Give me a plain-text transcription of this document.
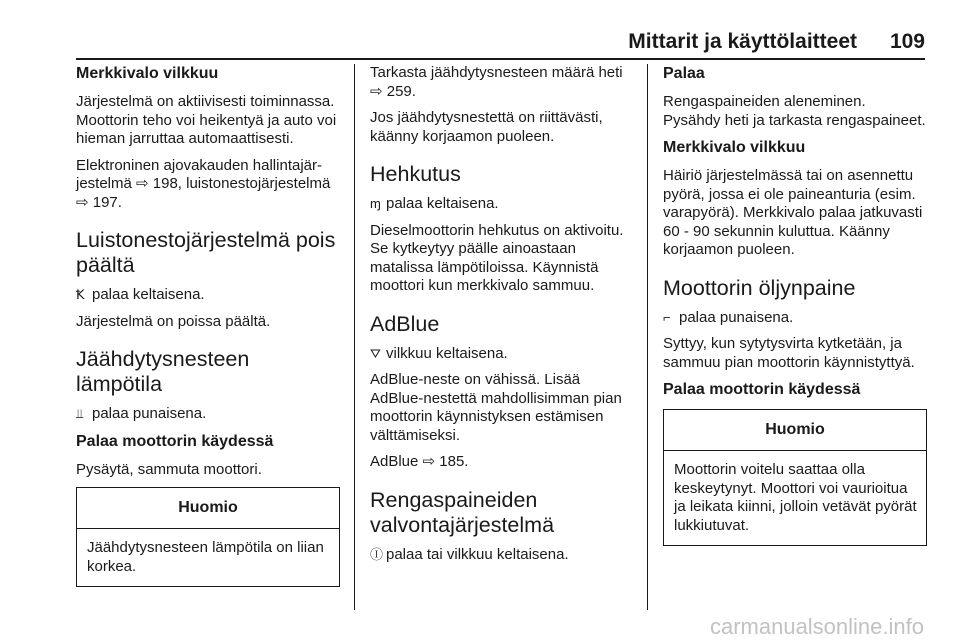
Mittarit ja käyttölaitteet 109
Merkkivalo vilkkuu

Järjestelmä on aktiivisesti toiminnassa. Moottorin teho voi heikentyä ja auto voi hieman jarruttaa automaattisesti.

Elektroninen ajovakauden hallintajärjestelmä ⇨ 198, luistonestojärjestelmä ⇨ 197.

Luistonestojärjestelmä pois päältä

Ꝁ palaa keltaisena.

Järjestelmä on poissa päältä.

Jäähdytysnesteen lämpötila

⫫ palaa punaisena.

Palaa moottorin käydessä

Pysäytä, sammuta moottori.

Huomio
Jäähdytysnesteen lämpötila on liian korkea.

Tarkasta jäähdytysnesteen määrä heti ⇨ 259.

Jos jäähdytysnestettä on riittävästi, käänny korjaamon puoleen.

Hehkutus

ɱ palaa keltaisena.

Dieselmoottorin hehkutus on aktivoitu. Se kytkeytyy päälle ainoastaan matalissa lämpötiloissa. Käynnistä moottori kun merkkivalo sammuu.

AdBlue

⛛ vilkkuu keltaisena.

AdBlue-neste on vähissä. Lisää AdBlue-nestettä mahdollisimman pian moottorin käynnistyksen estämisen välttämiseksi.

AdBlue ⇨ 185.

Rengaspaineiden valvontajärjestelmä

Ⓘ palaa tai vilkkuu keltaisena.

Palaa

Rengaspaineiden aleneminen. Pysähdy heti ja tarkasta rengaspaineet.

Merkkivalo vilkkuu

Häiriö järjestelmässä tai on asennettu pyörä, jossa ei ole paineanturia (esim. varapyörä). Merkkivalo palaa jatkuvasti 60 - 90 sekunnin kuluttua. Käänny korjaamon puoleen.

Moottorin öljynpaine

⌐ palaa punaisena.

Syttyy, kun sytytysvirta kytketään, ja sammuu pian moottorin käynnistyttyä.

Palaa moottorin käydessä
Huomio
Moottorin voitelu saattaa olla keskeytynyt. Moottori voi vaurioitua ja leikata kiinni, jolloin vetävät pyörät lukkiutuvat.
carmanualsonline.info
